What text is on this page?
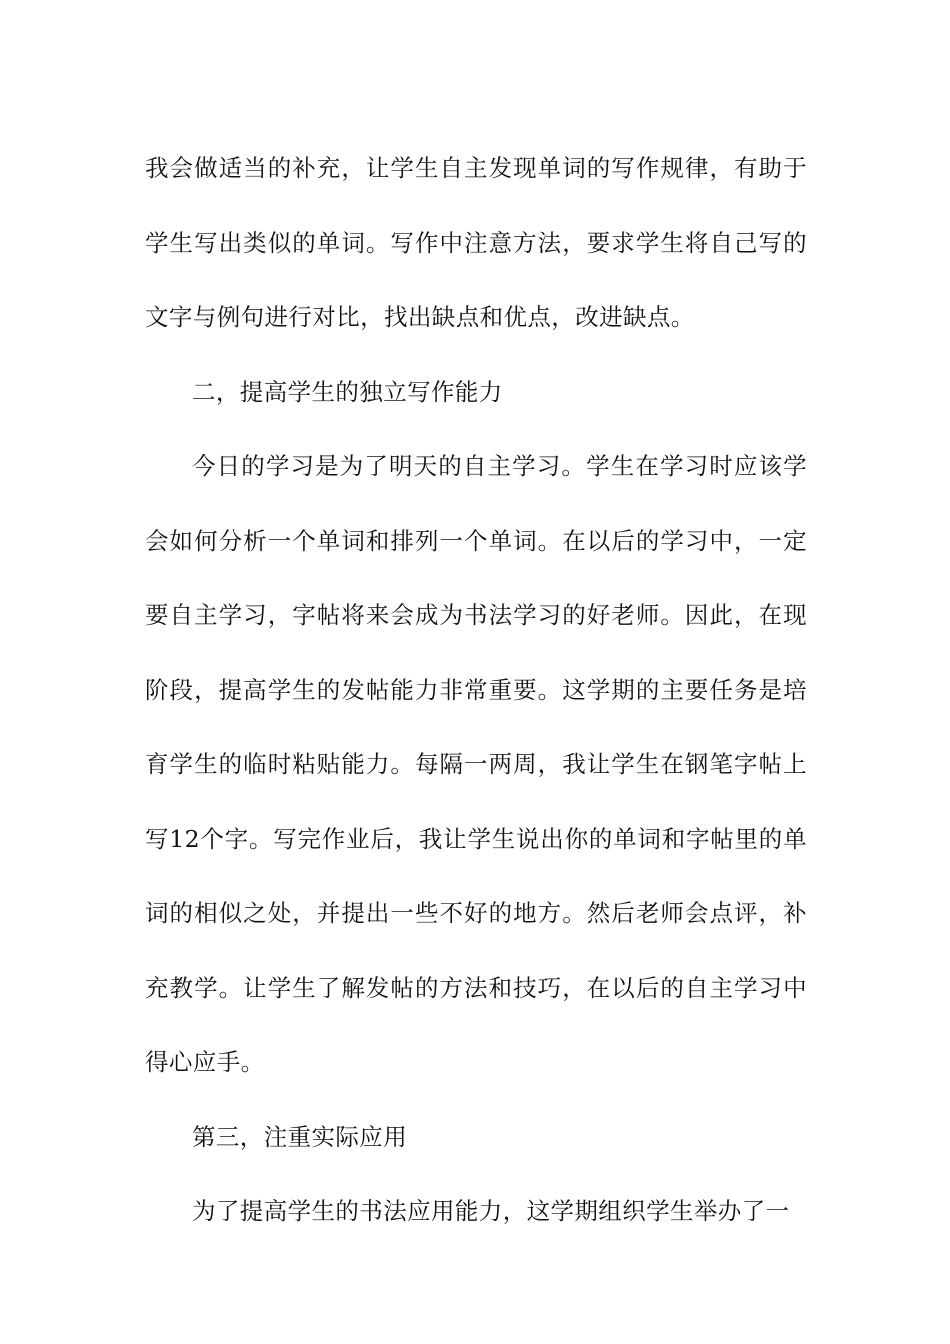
我会做适当的补充，让学生自主发现单词的写作规律，有助于学生写出类似的单词。写作中注意方法，要求学生将自己写的文字与例句进行对比，找出缺点和优点，改进缺点。

二，提高学生的独立写作能力

今日的学习是为了明天的自主学习。学生在学习时应该学会如何分析一个单词和排列一个单词。在以后的学习中，一定要自主学习，字帖将来会成为书法学习的好老师。因此，在现阶段，提高学生的发帖能力非常重要。这学期的主要任务是培育学生的临时粘贴能力。每隔一两周，我让学生在钢笔字帖上写12个字。写完作业后，我让学生说出你的单词和字帖里的单词的相似之处，并提出一些不好的地方。然后老师会点评，补充教学。让学生了解发帖的方法和技巧，在以后的自主学习中得心应手。

第三，注重实际应用

为了提高学生的书法应用能力，这学期组织学生举办了一
